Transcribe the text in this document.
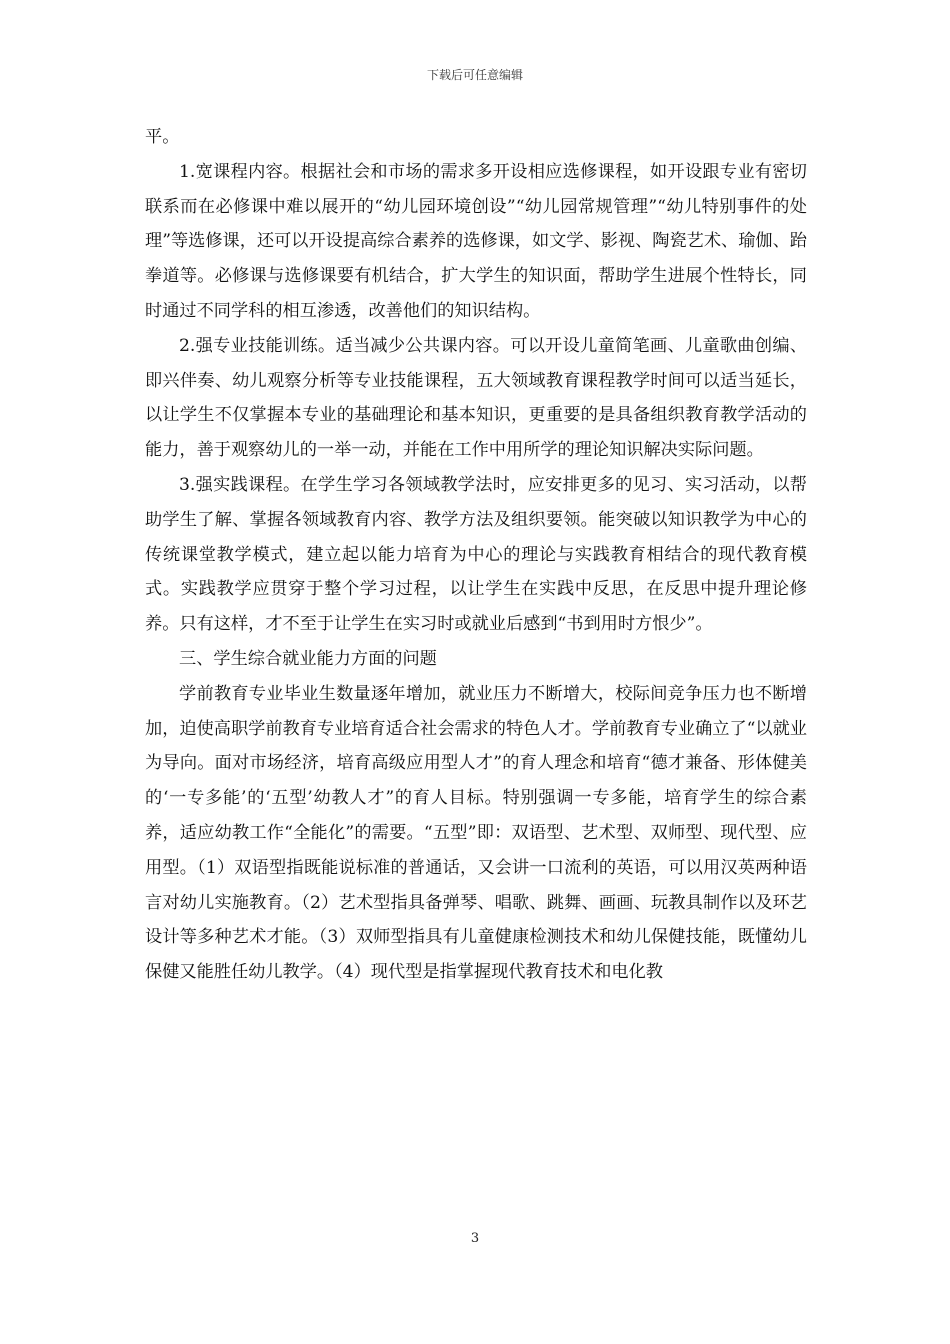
下载后可任意编辑

平。

1.宽课程内容。根据社会和市场的需求多开设相应选修课程，如开设跟专业有密切联系而在必修课中难以展开的“幼儿园环境创设”“幼儿园常规管理”“幼儿特别事件的处理”等选修课，还可以开设提高综合素养的选修课，如文学、影视、陶瓷艺术、瑜伽、跆拳道等。必修课与选修课要有机结合，扩大学生的知识面，帮助学生进展个性特长，同时通过不同学科的相互渗透，改善他们的知识结构。

2.强专业技能训练。适当减少公共课内容。可以开设儿童简笔画、儿童歌曲创编、即兴伴奏、幼儿观察分析等专业技能课程，五大领域教育课程教学时间可以适当延长，以让学生不仅掌握本专业的基础理论和基本知识，更重要的是具备组织教育教学活动的能力，善于观察幼儿的一举一动，并能在工作中用所学的理论知识解决实际问题。

3.强实践课程。在学生学习各领域教学法时，应安排更多的见习、实习活动，以帮助学生了解、掌握各领域教育内容、教学方法及组织要领。能突破以知识教学为中心的传统课堂教学模式，建立起以能力培育为中心的理论与实践教育相结合的现代教育模式。实践教学应贯穿于整个学习过程，以让学生在实践中反思，在反思中提升理论修养。只有这样，才不至于让学生在实习时或就业后感到“书到用时方恨少”。

三、学生综合就业能力方面的问题

学前教育专业毕业生数量逐年增加，就业压力不断增大，校际间竞争压力也不断增加，迫使高职学前教育专业培育适合社会需求的特色人才。学前教育专业确立了“以就业为导向。面对市场经济，培育高级应用型人才”的育人理念和培育“德才兼备、形体健美的‘一专多能’的‘五型’幼教人才”的育人目标。特别强调一专多能，培育学生的综合素养，适应幼教工作“全能化”的需要。“五型”即：双语型、艺术型、双师型、现代型、应用型。（1）双语型指既能说标准的普通话，又会讲一口流利的英语，可以用汉英两种语言对幼儿实施教育。（2）艺术型指具备弹琴、唱歌、跳舞、画画、玩教具制作以及环艺设计等多种艺术才能。（3）双师型指具有儿童健康检测技术和幼儿保健技能，既懂幼儿保健又能胜任幼儿教学。（4）现代型是指掌握现代教育技术和电化教

3
